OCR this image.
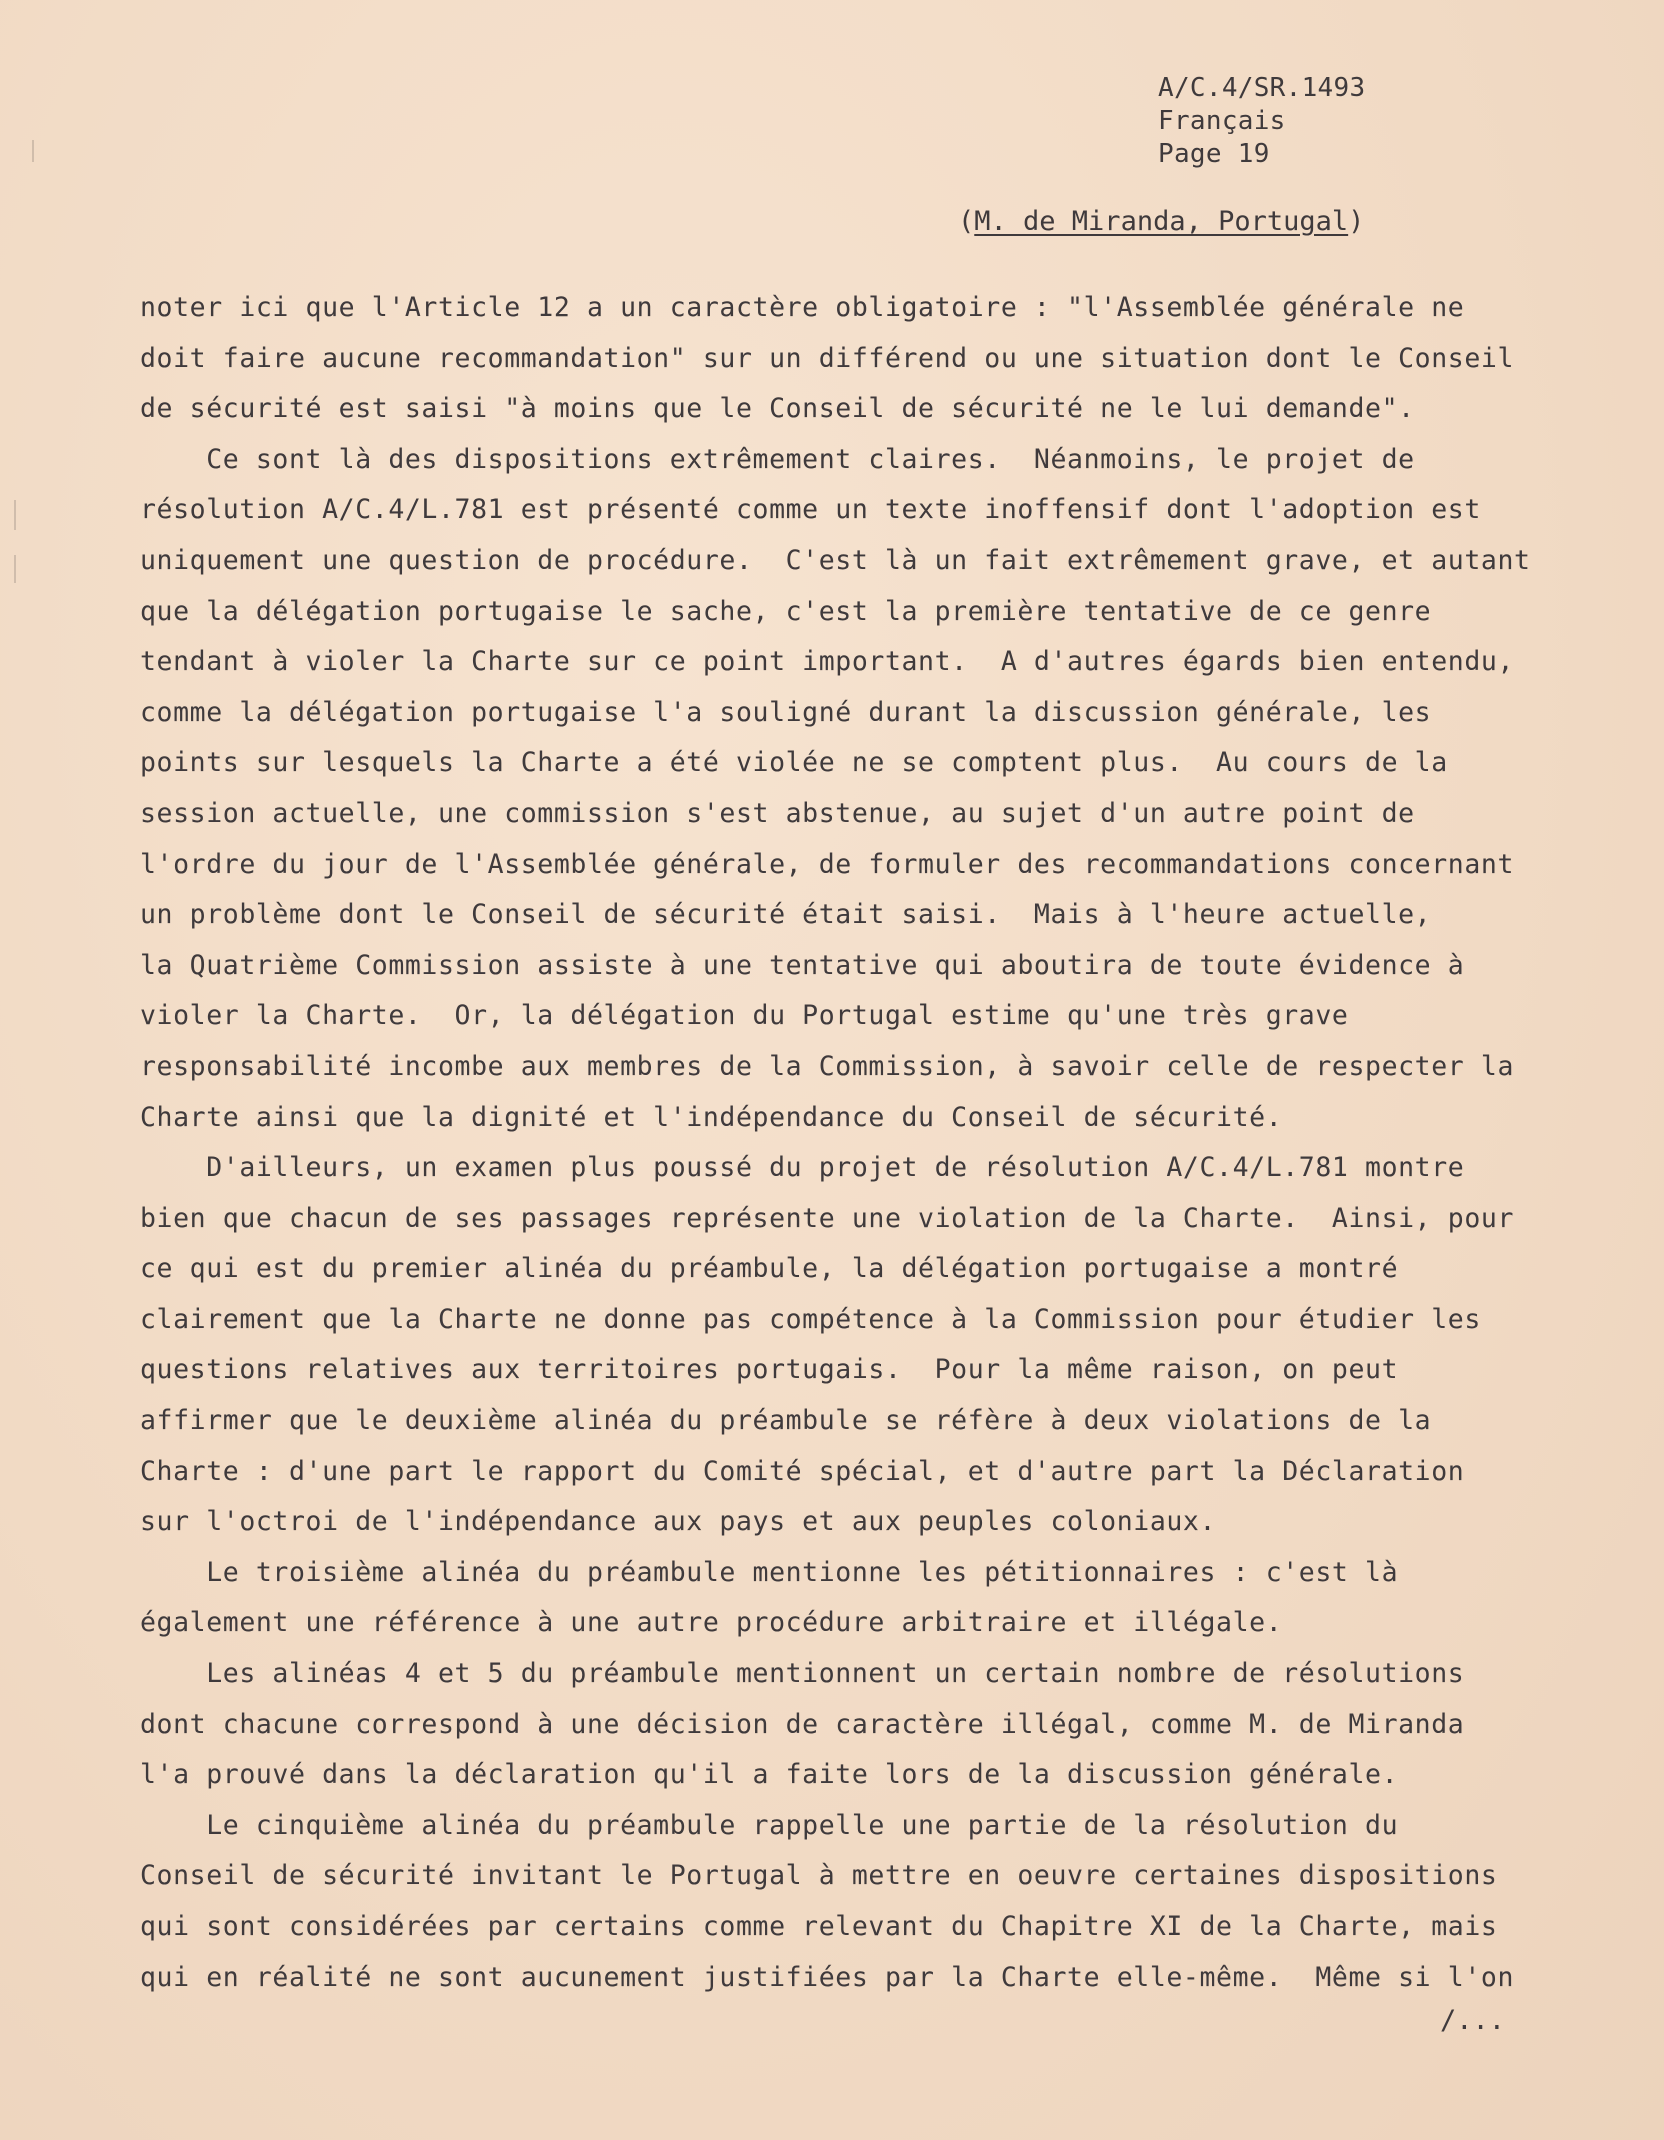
A/C.4/SR.1493
Français
Page 19
(M. de Miranda, Portugal)
noter ici que l'Article 12 a un caractère obligatoire : "l'Assemblée générale ne
doit faire aucune recommandation" sur un différend ou une situation dont le Conseil
de sécurité est saisi "à moins que le Conseil de sécurité ne le lui demande".
Ce sont là des dispositions extrêmement claires.  Néanmoins, le projet de
résolution A/C.4/L.781 est présenté comme un texte inoffensif dont l'adoption est
uniquement une question de procédure.  C'est là un fait extrêmement grave, et autant
que la délégation portugaise le sache, c'est la première tentative de ce genre
tendant à violer la Charte sur ce point important.  A d'autres égards bien entendu,
comme la délégation portugaise l'a souligné durant la discussion générale, les
points sur lesquels la Charte a été violée ne se comptent plus.  Au cours de la
session actuelle, une commission s'est abstenue, au sujet d'un autre point de
l'ordre du jour de l'Assemblée générale, de formuler des recommandations concernant
un problème dont le Conseil de sécurité était saisi.  Mais à l'heure actuelle,
la Quatrième Commission assiste à une tentative qui aboutira de toute évidence à
violer la Charte.  Or, la délégation du Portugal estime qu'une très grave
responsabilité incombe aux membres de la Commission, à savoir celle de respecter la
Charte ainsi que la dignité et l'indépendance du Conseil de sécurité.
D'ailleurs, un examen plus poussé du projet de résolution A/C.4/L.781 montre
bien que chacun de ses passages représente une violation de la Charte.  Ainsi, pour
ce qui est du premier alinéa du préambule, la délégation portugaise a montré
clairement que la Charte ne donne pas compétence à la Commission pour étudier les
questions relatives aux territoires portugais.  Pour la même raison, on peut
affirmer que le deuxième alinéa du préambule se réfère à deux violations de la
Charte : d'une part le rapport du Comité spécial, et d'autre part la Déclaration
sur l'octroi de l'indépendance aux pays et aux peuples coloniaux.
Le troisième alinéa du préambule mentionne les pétitionnaires : c'est là
également une référence à une autre procédure arbitraire et illégale.
Les alinéas 4 et 5 du préambule mentionnent un certain nombre de résolutions
dont chacune correspond à une décision de caractère illégal, comme M. de Miranda
l'a prouvé dans la déclaration qu'il a faite lors de la discussion générale.
Le cinquième alinéa du préambule rappelle une partie de la résolution du
Conseil de sécurité invitant le Portugal à mettre en oeuvre certaines dispositions
qui sont considérées par certains comme relevant du Chapitre XI de la Charte, mais
qui en réalité ne sont aucunement justifiées par la Charte elle-même.  Même si l'on
/...
